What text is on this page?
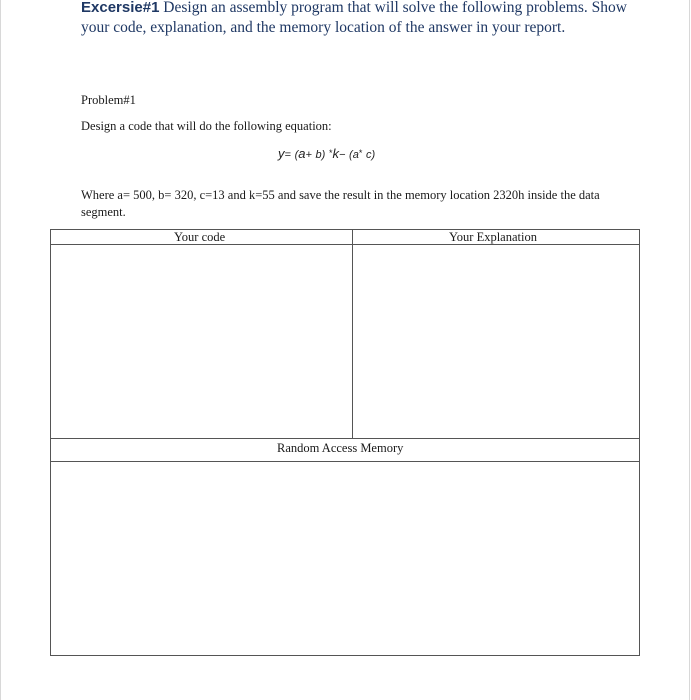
Excersie#1 Design an assembly program that will solve the following problems. Show your code, explanation, and the memory location of the answer in your report.
Problem#1
Design a code that will do the following equation:
y= (a+ b) *k− (a* c)
Where a= 500, b= 320, c=13 and k=55 and save the result in the memory location 2320h inside the data segment.
Your code	Your Explanation
Random Access Memory
